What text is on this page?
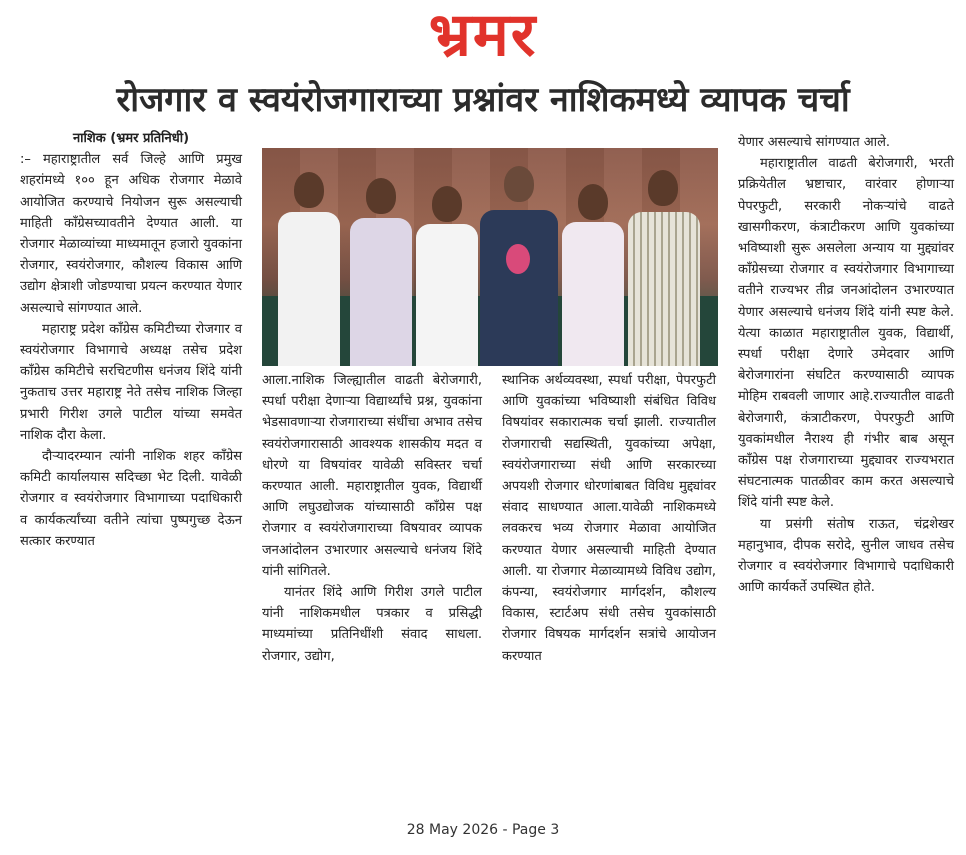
भ्रमर
रोजगार व स्वयंरोजगाराच्या प्रश्नांवर नाशिकमध्ये व्यापक चर्चा

नाशिक (भ्रमर प्रतिनिधी)

:– महाराष्ट्रातील सर्व जिल्हे आणि प्रमुख शहरांमध्ये १०० हून अधिक रोजगार मेळावे आयोजित करण्याचे नियोजन सुरू असल्याची माहिती काँग्रेसच्यावतीने देण्यात आली. या रोजगार मेळाव्यांच्या माध्यमातून हजारो युवकांना रोजगार, स्वयंरोजगार, कौशल्य विकास आणि उद्योग क्षेत्राशी जोडण्याचा प्रयत्न करण्यात येणार असल्याचे सांगण्यात आले.

महाराष्ट्र प्रदेश काँग्रेस कमिटीच्या रोजगार व स्वयंरोजगार विभागाचे अध्यक्ष तसेच प्रदेश काँग्रेस कमिटीचे सरचिटणीस धनंजय शिंदे यांनी नुकताच उत्तर महाराष्ट्र नेते तसेच नाशिक जिल्हा प्रभारी गिरीश उगले पाटील यांच्या समवेत नाशिक दौरा केला.

दौऱ्यादरम्यान त्यांनी नाशिक शहर काँग्रेस कमिटी कार्यालयास सदिच्छा भेट दिली. यावेळी रोजगार व स्वयंरोजगार विभागाच्या पदाधिकारी व कार्यकर्त्यांच्या वतीने त्यांचा पुष्पगुच्छ देऊन सत्कार करण्यात

आला.नाशिक जिल्ह्यातील वाढती बेरोजगारी, स्पर्धा परीक्षा देणाऱ्या विद्यार्थ्यांचे प्रश्न, युवकांना भेडसावणाऱ्या रोजगाराच्या संधींचा अभाव तसेच स्वयंरोजगारासाठी आवश्यक शासकीय मदत व धोरणे या विषयांवर यावेळी सविस्तर चर्चा करण्यात आली. महाराष्ट्रातील युवक, विद्यार्थी आणि लघुउद्योजक यांच्यासाठी काँग्रेस पक्ष रोजगार व स्वयंरोजगाराच्या विषयावर व्यापक जनआंदोलन उभारणार असल्याचे धनंजय शिंदे यांनी सांगितले.

यानंतर शिंदे आणि गिरीश उगले पाटील यांनी नाशिकमधील पत्रकार व प्रसिद्धी माध्यमांच्या प्रतिनिधींशी संवाद साधला. रोजगार, उद्योग,

स्थानिक अर्थव्यवस्था, स्पर्धा परीक्षा, पेपरफुटी आणि युवकांच्या भविष्याशी संबंधित विविध विषयांवर सकारात्मक चर्चा झाली. राज्यातील रोजगाराची सद्यस्थिती, युवकांच्या अपेक्षा, स्वयंरोजगाराच्या संधी आणि सरकारच्या अपयशी रोजगार धोरणांबाबत विविध मुद्द्यांवर संवाद साधण्यात आला.यावेळी नाशिकमध्ये लवकरच भव्य रोजगार मेळावा आयोजित करण्यात येणार असल्याची माहिती देण्यात आली. या रोजगार मेळाव्यामध्ये विविध उद्योग, कंपन्या, स्वयंरोजगार मार्गदर्शन, कौशल्य विकास, स्टार्टअप संधी तसेच युवकांसाठी रोजगार विषयक मार्गदर्शन सत्रांचे आयोजन करण्यात

येणार असल्याचे सांगण्यात आले.

महाराष्ट्रातील वाढती बेरोजगारी, भरती प्रक्रियेतील भ्रष्टाचार, वारंवार होणाऱ्या पेपरफुटी, सरकारी नोकऱ्यांचे वाढते खासगीकरण, कंत्राटीकरण आणि युवकांच्या भविष्याशी सुरू असलेला अन्याय या मुद्द्यांवर काँग्रेसच्या रोजगार व स्वयंरोजगार विभागाच्या वतीने राज्यभर तीव्र जनआंदोलन उभारण्यात येणार असल्याचे धनंजय शिंदे यांनी स्पष्ट केले. येत्या काळात महाराष्ट्रातील युवक, विद्यार्थी, स्पर्धा परीक्षा देणारे उमेदवार आणि बेरोजगारांना संघटित करण्यासाठी व्यापक मोहिम राबवली जाणार आहे.राज्यातील वाढती बेरोजगारी, कंत्राटीकरण, पेपरफुटी आणि युवकांमधील नैराश्य ही गंभीर बाब असून काँग्रेस पक्ष रोजगाराच्या मुद्द्यावर राज्यभरात संघटनात्मक पातळीवर काम करत असल्याचे शिंदे यांनी स्पष्ट केले.

या प्रसंगी संतोष राऊत, चंद्रशेखर महानुभाव, दीपक सरोदे, सुनील जाधव तसेच रोजगार व स्वयंरोजगार विभागाचे पदाधिकारी आणि कार्यकर्ते उपस्थित होते.

28 May 2026 - Page 3
